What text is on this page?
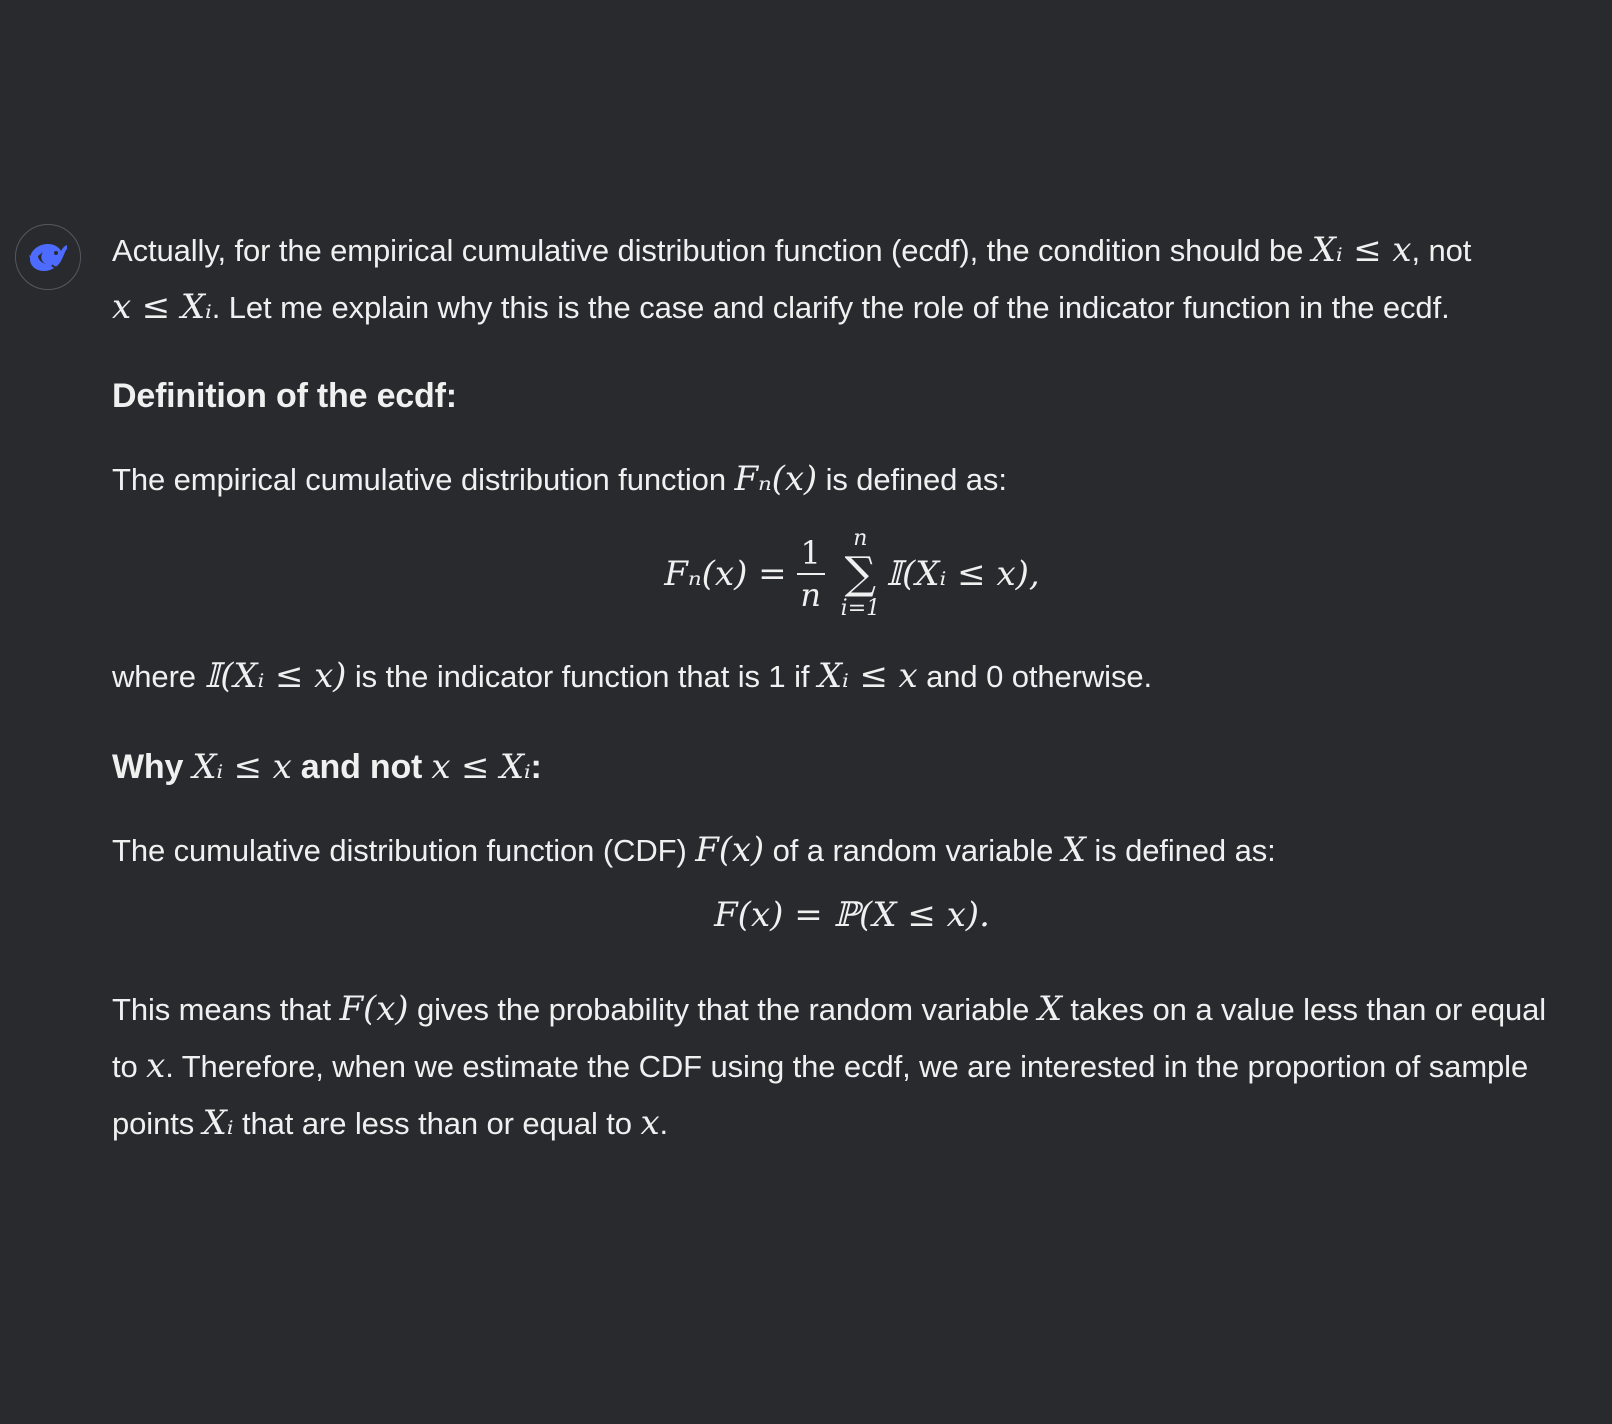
Actually, for the empirical cumulative distribution function (ecdf), the condition should be Xᵢ ≤ x, not
x ≤ Xᵢ. Let me explain why this is the case and clarify the role of the indicator function in the ecdf.

Definition of the ecdf:

The empirical cumulative distribution function Fₙ(x) is defined as:

$F_n(x) = \frac{1}{n}$ n
∑
i=1
𝕀(Xᵢ ≤ x),

where 𝕀(Xᵢ ≤ x) is the indicator function that is 1 if Xᵢ ≤ x and 0 otherwise.

Why Xᵢ ≤ x and not x ≤ Xᵢ:

The cumulative distribution function (CDF) F(x) of a random variable X is defined as:

F(x) = ℙ(X ≤ x).

This means that F(x) gives the probability that the random variable X takes on a value less than or equal to x. Therefore, when we estimate the CDF using the ecdf, we are interested in the proportion of sample points Xᵢ that are less than or equal to x.
